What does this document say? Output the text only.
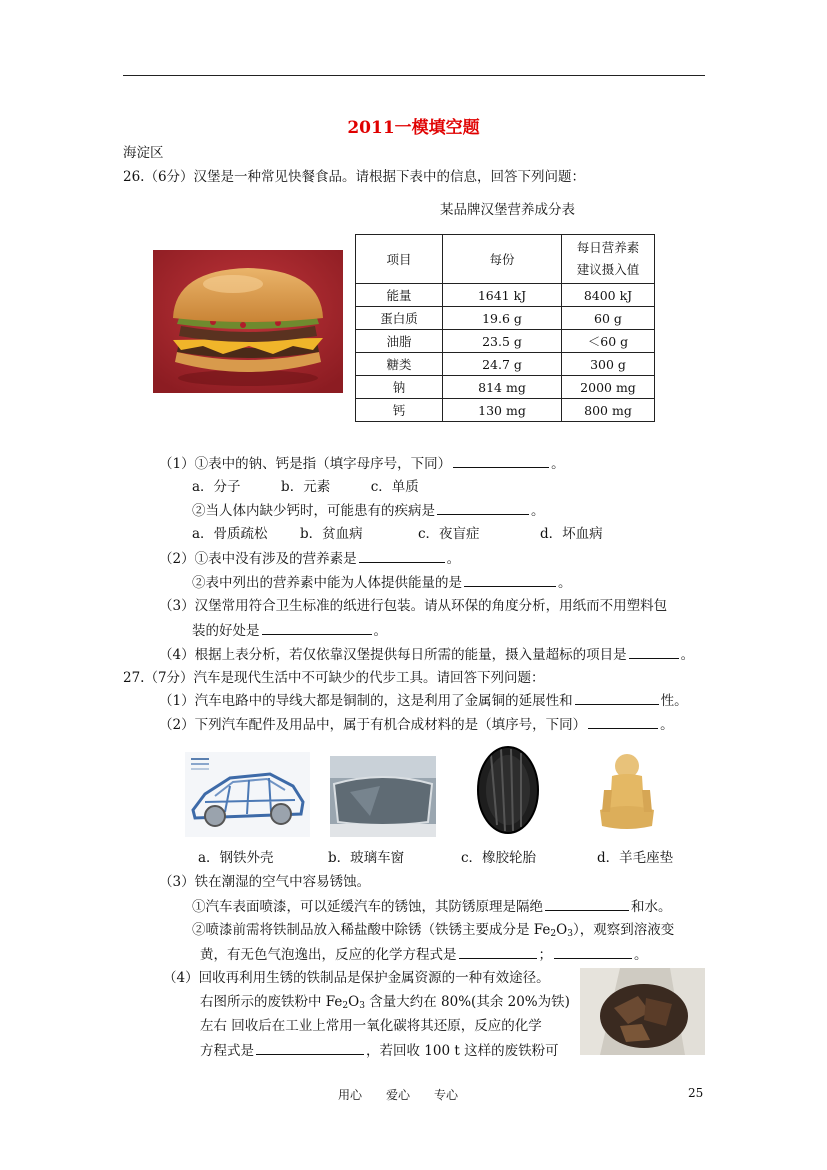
2011一模填空题
海淀区
26.（6分）汉堡是一种常见快餐食品。请根据下表中的信息，回答下列问题：
某品牌汉堡营养成分表
项目	每份	每日营养素
建议摄入值

能量	1641 kJ	8400 kJ
蛋白质	19.6 g	60 g
油脂	23.5 g	＜60 g
糖类	24.7 g	300 g
钠	814 mg	2000 mg
钙	130 mg	800 mg
（1）①表中的钠、钙是指（填字母序号，下同）	。
a．分子　　　b．元素　　　c．单质
②当人体内缺少钙时，可能患有的疾病是	。
a．骨质疏松 b．贫血病	c．夜盲症	d．坏血病
（2）①表中没有涉及的营养素是	。
②表中列出的营养素中能为人体提供能量的是	。
（3）汉堡常用符合卫生标准的纸进行包装。请从环保的角度分析，用纸而不用塑料包
装的好处是	。
（4）根据上表分析，若仅依靠汉堡提供每日所需的能量，摄入量超标的项目是	。
27.（7分）汽车是现代生活中不可缺少的代步工具。请回答下列问题：
（1）汽车电路中的导线大都是铜制的，这是利用了金属铜的延展性和	性。
（2）下列汽车配件及用品中，属于有机合成材料的是（填序号，下同）	。
a．钢铁外壳	b．玻璃车窗	c．橡胶轮胎	d．羊毛座垫
（3）铁在潮湿的空气中容易锈蚀。
①汽车表面喷漆，可以延缓汽车的锈蚀，其防锈原理是隔绝	和水。
②喷漆前需将铁制品放入稀盐酸中除锈（铁锈主要成分是 $Fe_2O_3$），观察到溶液变
黄，有无色气泡逸出，反应的化学方程式是	；	。
（4）回收再利用生锈的铁制品是保护金属资源的一种有效途径。
右图所示的废铁粉中 $Fe_2O_3$ 含量大约在 80%(其余 20%为铁)
左右 回收后在工业上常用一氧化碳将其还原，反应的化学
方程式是	，若回收 100 t 这样的废铁粉可
用心　　爱心　　专心	25
